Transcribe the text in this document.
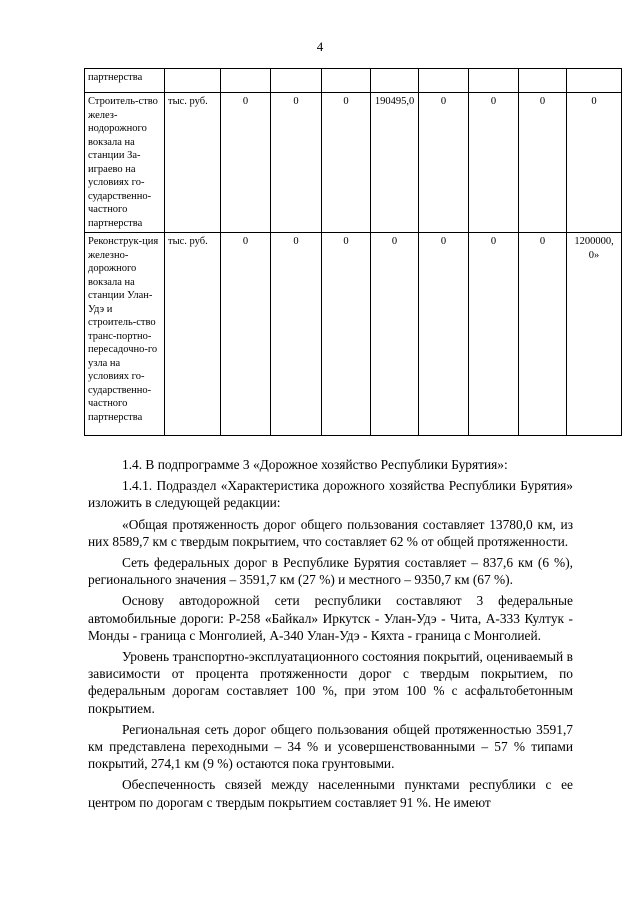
4
партнерства									
Строитель-ство желез-нодорожного вокзала на станции За-играево на условиях го-сударственно-частного партнерства	тыс. руб.	0	0	0	190495,0	0	0	0	0
Реконструк-ция железно-дорожного вокзала на станции Улан-Удэ и строитель-ство транс-портно-пересадочно-го узла на условиях го-сударственно-частного партнерства	тыс. руб.	0	0	0	0	0	0	0	1200000, 0»

1.4. В подпрограмме 3 «Дорожное хозяйство Республики Бурятия»:

1.4.1. Подраздел «Характеристика дорожного хозяйства Республики Бурятия» изложить в следующей редакции:

«Общая протяженность дорог общего пользования составляет 13780,0 км, из них 8589,7 км с твердым покрытием, что составляет 62 % от общей протяженности.

Сеть федеральных дорог в Республике Бурятия составляет – 837,6 км (6 %), регионального значения – 3591,7 км (27 %) и местного – 9350,7 км (67 %).

Основу автодорожной сети республики составляют 3 федеральные автомобильные дороги: Р-258 «Байкал» Иркутск - Улан-Удэ - Чита, А-333 Култук - Монды - граница с Монголией, А-340 Улан-Удэ - Кяхта - граница с Монголией.

Уровень транспортно-эксплуатационного состояния покрытий, оцениваемый в зависимости от процента протяженности дорог с твердым покрытием, по федеральным дорогам составляет 100 %, при этом 100 % с асфальтобетонным покрытием.

Региональная сеть дорог общего пользования общей протяженностью 3591,7 км представлена переходными – 34 % и усовершенствованными – 57 % типами покрытий, 274,1 км (9 %) остаются пока грунтовыми.

Обеспеченность связей между населенными пунктами республики с ее центром по дорогам с твердым покрытием составляет 91 %. Не имеют
